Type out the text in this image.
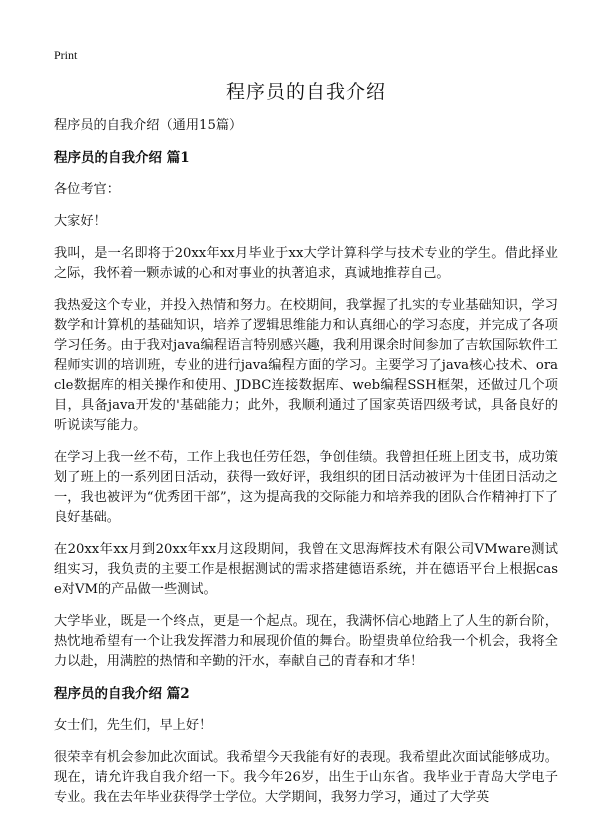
Print
程序员的自我介绍

程序员的自我介绍（通用15篇）

程序员的自我介绍 篇1

各位考官：

大家好！

我叫，是一名即将于20xx年xx月毕业于xx大学计算科学与技术专业的学生。借此择业之际，我怀着一颗赤诚的心和对事业的执著追求，真诚地推荐自己。

我热爱这个专业，并投入热情和努力。在校期间，我掌握了扎实的专业基础知识，学习数学和计算机的基础知识，培养了逻辑思维能力和认真细心的学习态度，并完成了各项学习任务。由于我对java编程语言特别感兴趣，我利用课余时间参加了吉软国际软件工程师实训的培训班，专业的进行java编程方面的学习。主要学习了java核心技术、oracle数据库的相关操作和使用、JDBC连接数据库、web编程SSH框架，还做过几个项目，具备java开发的'基础能力；此外，我顺利通过了国家英语四级考试，具备良好的听说读写能力。

在学习上我一丝不苟，工作上我也任劳任怨，争创佳绩。我曾担任班上团支书，成功策划了班上的一系列团日活动，获得一致好评，我组织的团日活动被评为十佳团日活动之一，我也被评为“优秀团干部”，这为提高我的交际能力和培养我的团队合作精神打下了良好基础。

在20xx年xx月到20xx年xx月这段期间，我曾在文思海辉技术有限公司VMware测试组实习，我负责的主要工作是根据测试的需求搭建德语系统，并在德语平台上根据case对VM的产品做一些测试。

大学毕业，既是一个终点，更是一个起点。现在，我满怀信心地踏上了人生的新台阶，热忱地希望有一个让我发挥潜力和展现价值的舞台。盼望贵单位给我一个机会，我将全力以赴，用满腔的热情和辛勤的汗水，奉献自己的青春和才华！

程序员的自我介绍 篇2

女士们，先生们，早上好！

很荣幸有机会参加此次面试。我希望今天我能有好的表现。我希望此次面试能够成功。现在，请允许我自我介绍一下。我今年26岁，出生于山东省。我毕业于青岛大学电子专业。我在去年毕业获得学士学位。大学期间，我努力学习，通过了大学英
